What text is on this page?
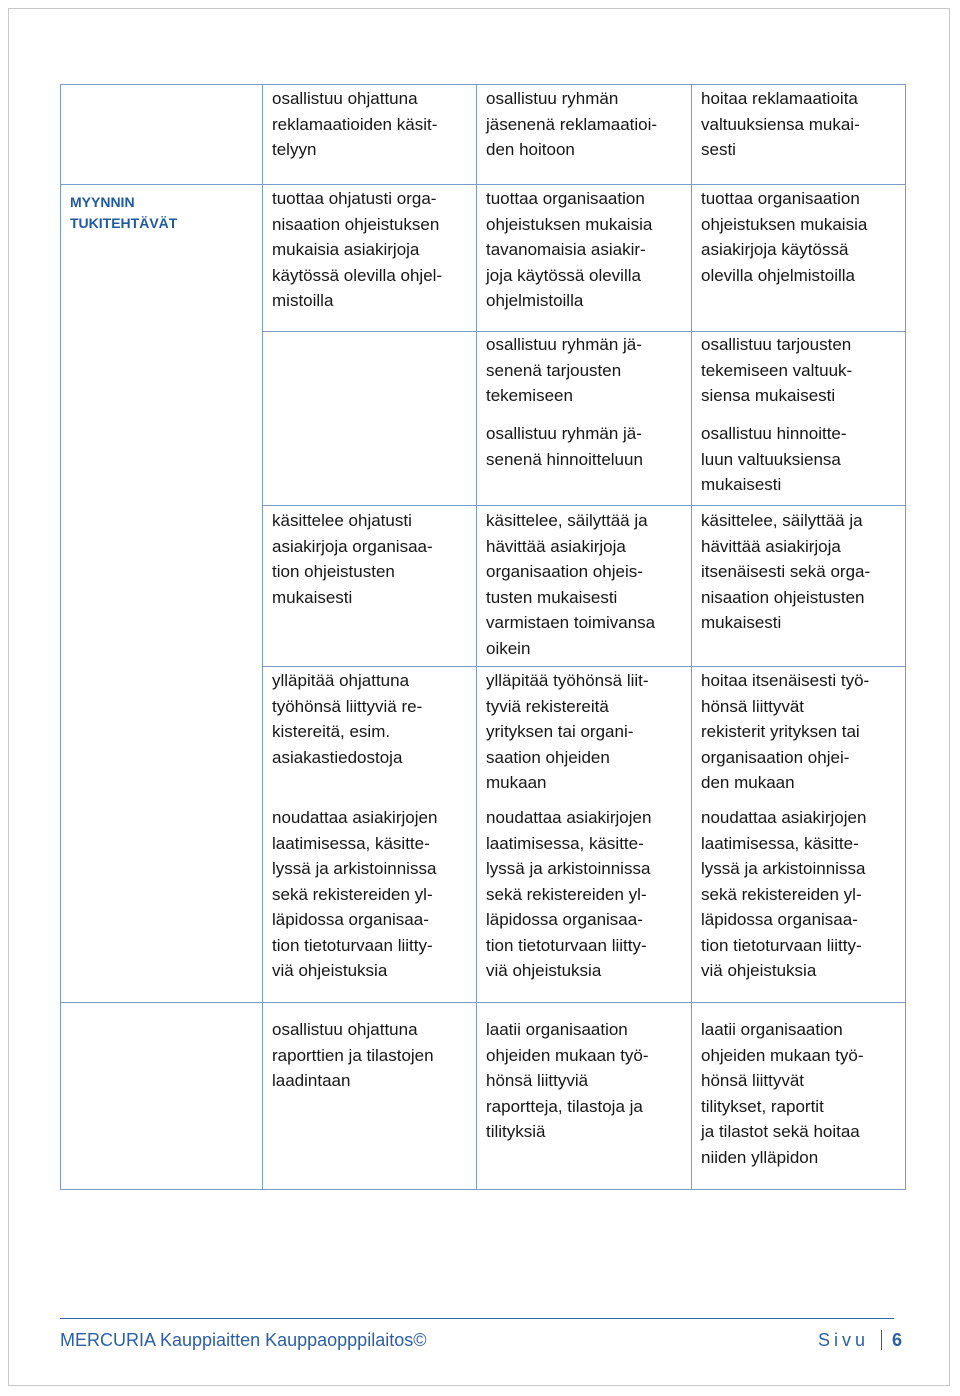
MYYNNIN
TUKITEHTÄVÄT

osallistuu ohjattuna
reklamaatioiden käsit-
telyyn

osallistuu ryhmän
jäsenenä reklamaatioi-
den hoitoon

hoitaa reklamaatioita
valtuuksiensa mukai-
sesti

tuottaa ohjatusti orga-
nisaation ohjeistuksen
mukaisia asiakirjoja
käytössä olevilla ohjel-
mistoilla

tuottaa organisaation
ohjeistuksen mukaisia
tavanomaisia asiakir-
joja käytössä olevilla
ohjelmistoilla

tuottaa organisaation
ohjeistuksen mukaisia
asiakirjoja käytössä
olevilla ohjelmistoilla

osallistuu ryhmän jä-
senenä tarjousten
tekemiseen

osallistuu tarjousten
tekemiseen valtuuk-
siensa mukaisesti

osallistuu ryhmän jä-
senenä hinnoitteluun

osallistuu hinnoitte-
luun valtuuksiensa
mukaisesti

käsittelee ohjatusti
asiakirjoja organisaa-
tion ohjeistusten
mukaisesti

käsittelee, säilyttää ja
hävittää asiakirjoja
organisaation ohjeis-
tusten mukaisesti
varmistaen toimivansa
oikein

käsittelee, säilyttää ja
hävittää asiakirjoja
itsenäisesti sekä orga-
nisaation ohjeistusten
mukaisesti

ylläpitää ohjattuna
työhönsä liittyviä re-
kistereitä, esim.
asiakastiedostoja

ylläpitää työhönsä liit-
tyviä rekistereitä
yrityksen tai organi-
saation ohjeiden
mukaan

hoitaa itsenäisesti työ-
hönsä liittyvät
rekisterit yrityksen tai
organisaation ohjei-
den mukaan

noudattaa asiakirjojen
laatimisessa, käsitte-
lyssä ja arkistoinnissa
sekä rekistereiden yl-
läpidossa organisaa-
tion tietoturvaan liitty-
viä ohjeistuksia

noudattaa asiakirjojen
laatimisessa, käsitte-
lyssä ja arkistoinnissa
sekä rekistereiden yl-
läpidossa organisaa-
tion tietoturvaan liitty-
viä ohjeistuksia

noudattaa asiakirjojen
laatimisessa, käsitte-
lyssä ja arkistoinnissa
sekä rekistereiden yl-
läpidossa organisaa-
tion tietoturvaan liitty-
viä ohjeistuksia

osallistuu ohjattuna
raporttien ja tilastojen
laadintaan

laatii organisaation
ohjeiden mukaan työ-
hönsä liittyviä
raportteja, tilastoja ja
tilityksiä

laatii organisaation
ohjeiden mukaan työ-
hönsä liittyvät
tilitykset, raportit
ja tilastot sekä hoitaa
niiden ylläpidon

MERCURIA Kauppiaitten Kauppaopppilaitos©	Sivu 6
